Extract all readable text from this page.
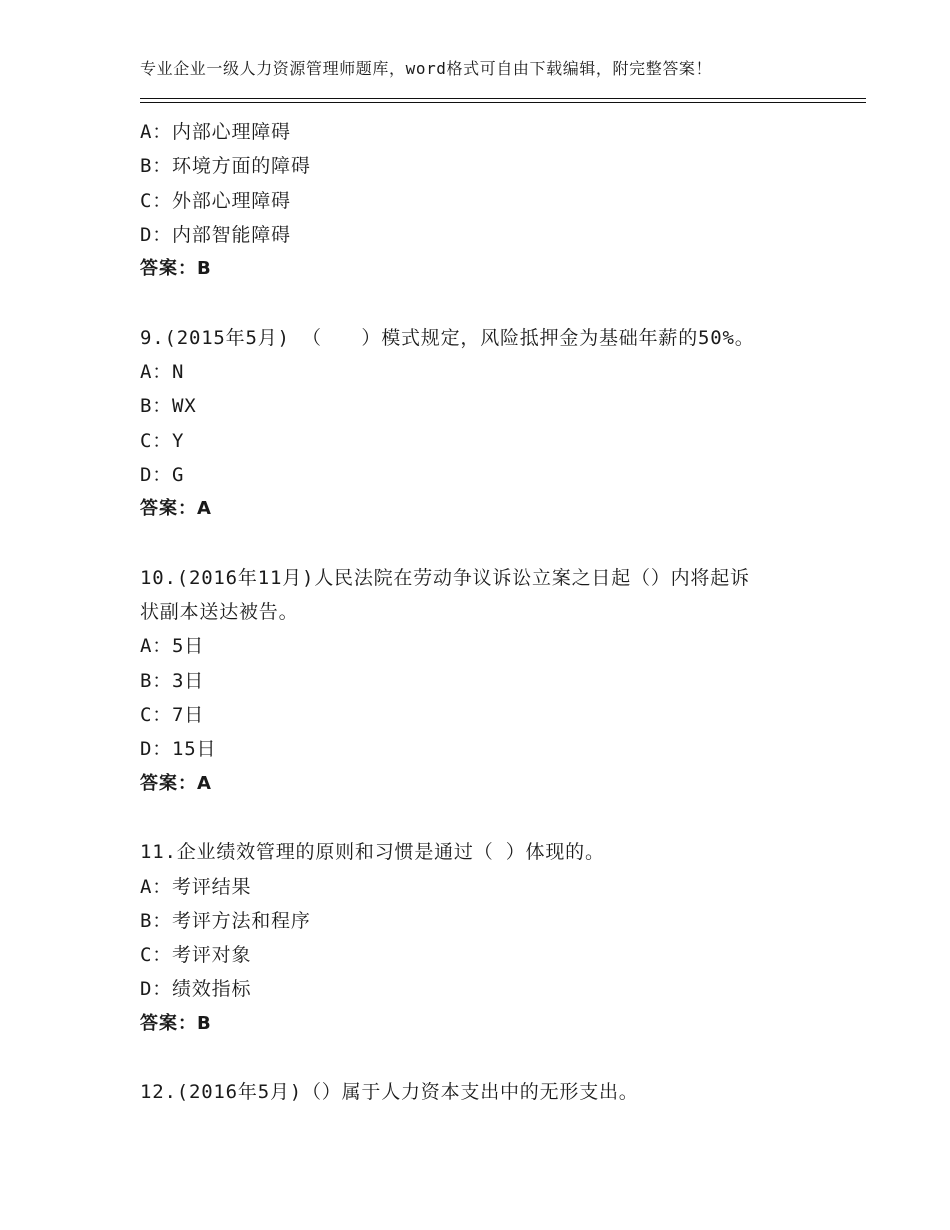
专业企业一级人力资源管理师题库，word格式可自由下载编辑，附完整答案！
A：内部心理障碍
B：环境方面的障碍
C：外部心理障碍
D：内部智能障碍
答案：B
9.(2015年5月) （　　）模式规定，风险抵押金为基础年薪的50%。
A：N
B：WX
C：Y
D：G
答案：A
10.(2016年11月)人民法院在劳动争议诉讼立案之日起（）内将起诉
状副本送达被告。
A：5日
B：3日
C：7日
D：15日
答案：A
11.企业绩效管理的原则和习惯是通过（ ）体现的。
A：考评结果
B：考评方法和程序
C：考评对象
D：绩效指标
答案：B
12.(2016年5月)（）属于人力资本支出中的无形支出。
